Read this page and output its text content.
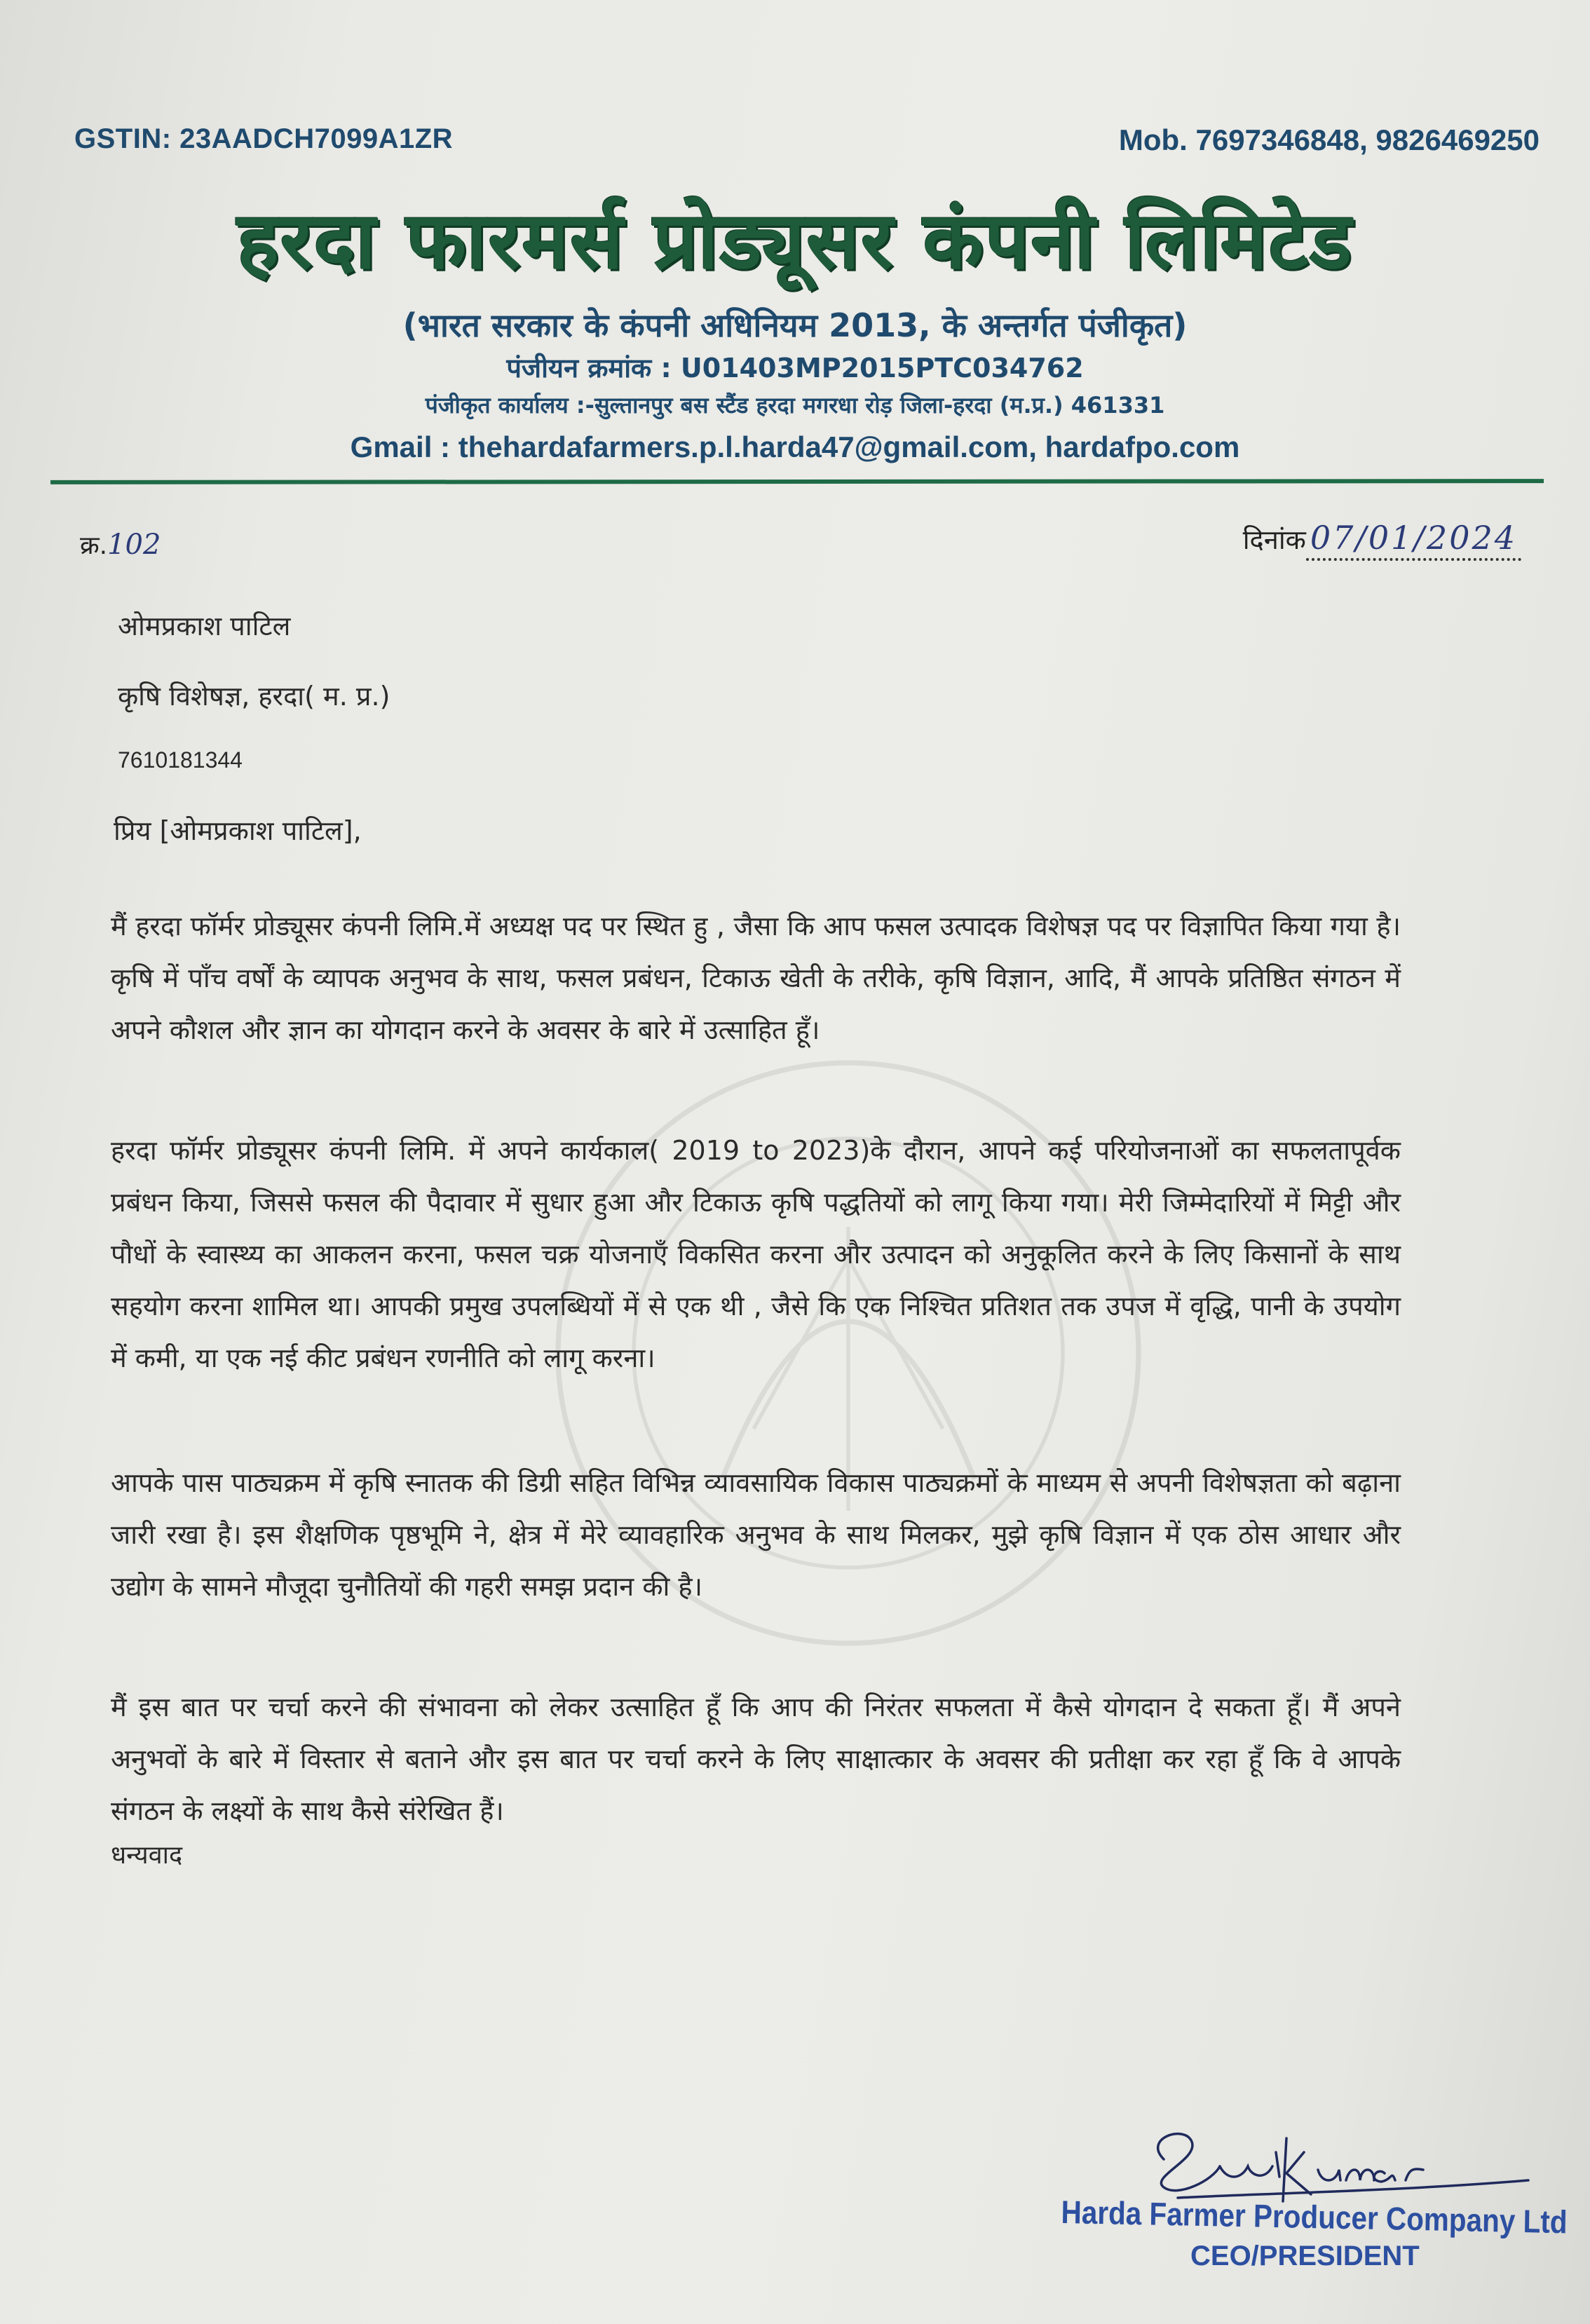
GSTIN: 23AADCH7099A1ZR	Mob. 7697346848, 9826469250
हरदा फारमर्स प्रोड्यूसर कंपनी लिमिटेड
(भारत सरकार के कंपनी अधिनियम 2013, के अन्तर्गत पंजीकृत)
पंजीयन क्रमांक : U01403MP2015PTC034762
पंजीकृत कार्यालय :-सुल्तानपुर बस स्टैंड हरदा मगरधा रोड़ जिला-हरदा (म.प्र.) 461331
Gmail : thehardafarmers.p.l.harda47@gmail.com, hardafpo.com
क्र.102	दिनांक 07/01/2024
ओमप्रकाश पाटिल
कृषि विशेषज्ञ, हरदा( म. प्र.)
7610181344
प्रिय [ओमप्रकाश पाटिल],

मैं हरदा फॉर्मर प्रोड्यूसर कंपनी लिमि.में अध्यक्ष पद पर स्थित हु , जैसा कि आप फसल उत्पादक विशेषज्ञ पद पर विज्ञापित किया गया है। कृषि में पाँच वर्षों के व्यापक अनुभव के साथ, फसल प्रबंधन, टिकाऊ खेती के तरीके, कृषि विज्ञान, आदि, मैं आपके प्रतिष्ठित संगठन में अपने कौशल और ज्ञान का योगदान करने के अवसर के बारे में उत्साहित हूँ।

हरदा फॉर्मर प्रोड्यूसर कंपनी लिमि. में अपने कार्यकाल( 2019 to 2023)के दौरान, आपने कई परियोजनाओं का सफलतापूर्वक प्रबंधन किया, जिससे फसल की पैदावार में सुधार हुआ और टिकाऊ कृषि पद्धतियों को लागू किया गया। मेरी जिम्मेदारियों में मिट्टी और पौधों के स्वास्थ्य का आकलन करना, फसल चक्र योजनाएँ विकसित करना और उत्पादन को अनुकूलित करने के लिए किसानों के साथ सहयोग करना शामिल था। आपकी प्रमुख उपलब्धियों में से एक थी , जैसे कि एक निश्चित प्रतिशत तक उपज में वृद्धि, पानी के उपयोग में कमी, या एक नई कीट प्रबंधन रणनीति को लागू करना।

आपके पास पाठ्यक्रम में कृषि स्नातक की डिग्री सहित विभिन्न व्यावसायिक विकास पाठ्यक्रमों के माध्यम से अपनी विशेषज्ञता को बढ़ाना जारी रखा है। इस शैक्षणिक पृष्ठभूमि ने, क्षेत्र में मेरे व्यावहारिक अनुभव के साथ मिलकर, मुझे कृषि विज्ञान में एक ठोस आधार और उद्योग के सामने मौजूदा चुनौतियों की गहरी समझ प्रदान की है।

मैं इस बात पर चर्चा करने की संभावना को लेकर उत्साहित हूँ कि आप की निरंतर सफलता में कैसे योगदान दे सकता हूँ। मैं अपने अनुभवों के बारे में विस्तार से बताने और इस बात पर चर्चा करने के लिए साक्षात्कार के अवसर की प्रतीक्षा कर रहा हूँ कि वे आपके संगठन के लक्ष्यों के साथ कैसे संरेखित हैं।

धन्यवाद
Sunil Kumar
Harda Farmer Producer Company Ltd
CEO/PRESIDENT
